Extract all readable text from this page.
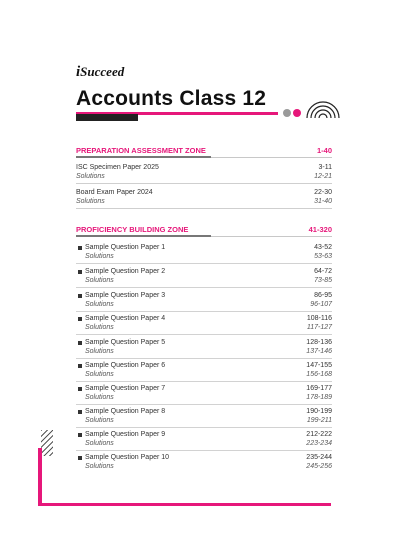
iSucceed
Accounts Class 12
PREPARATION ASSESSMENT ZONE	1-40
ISC Specimen Paper 2025	3-11
Solutions	12-21
Board Exam Paper 2024	22-30
Solutions	31-40
PROFICIENCY BUILDING ZONE	41-320
Sample Question Paper 1	43-52
Solutions	53-63
Sample Question Paper 2	64-72
Solutions	73-85
Sample Question Paper 3	86-95
Solutions	96-107
Sample Question Paper 4	108-116
Solutions	117-127
Sample Question Paper 5	128-136
Solutions	137-146
Sample Question Paper 6	147-155
Solutions	156-168
Sample Question Paper 7	169-177
Solutions	178-189
Sample Question Paper 8	190-199
Solutions	199-211
Sample Question Paper 9	212-222
Solutions	223-234
Sample Question Paper 10	235-244
Solutions	245-256
